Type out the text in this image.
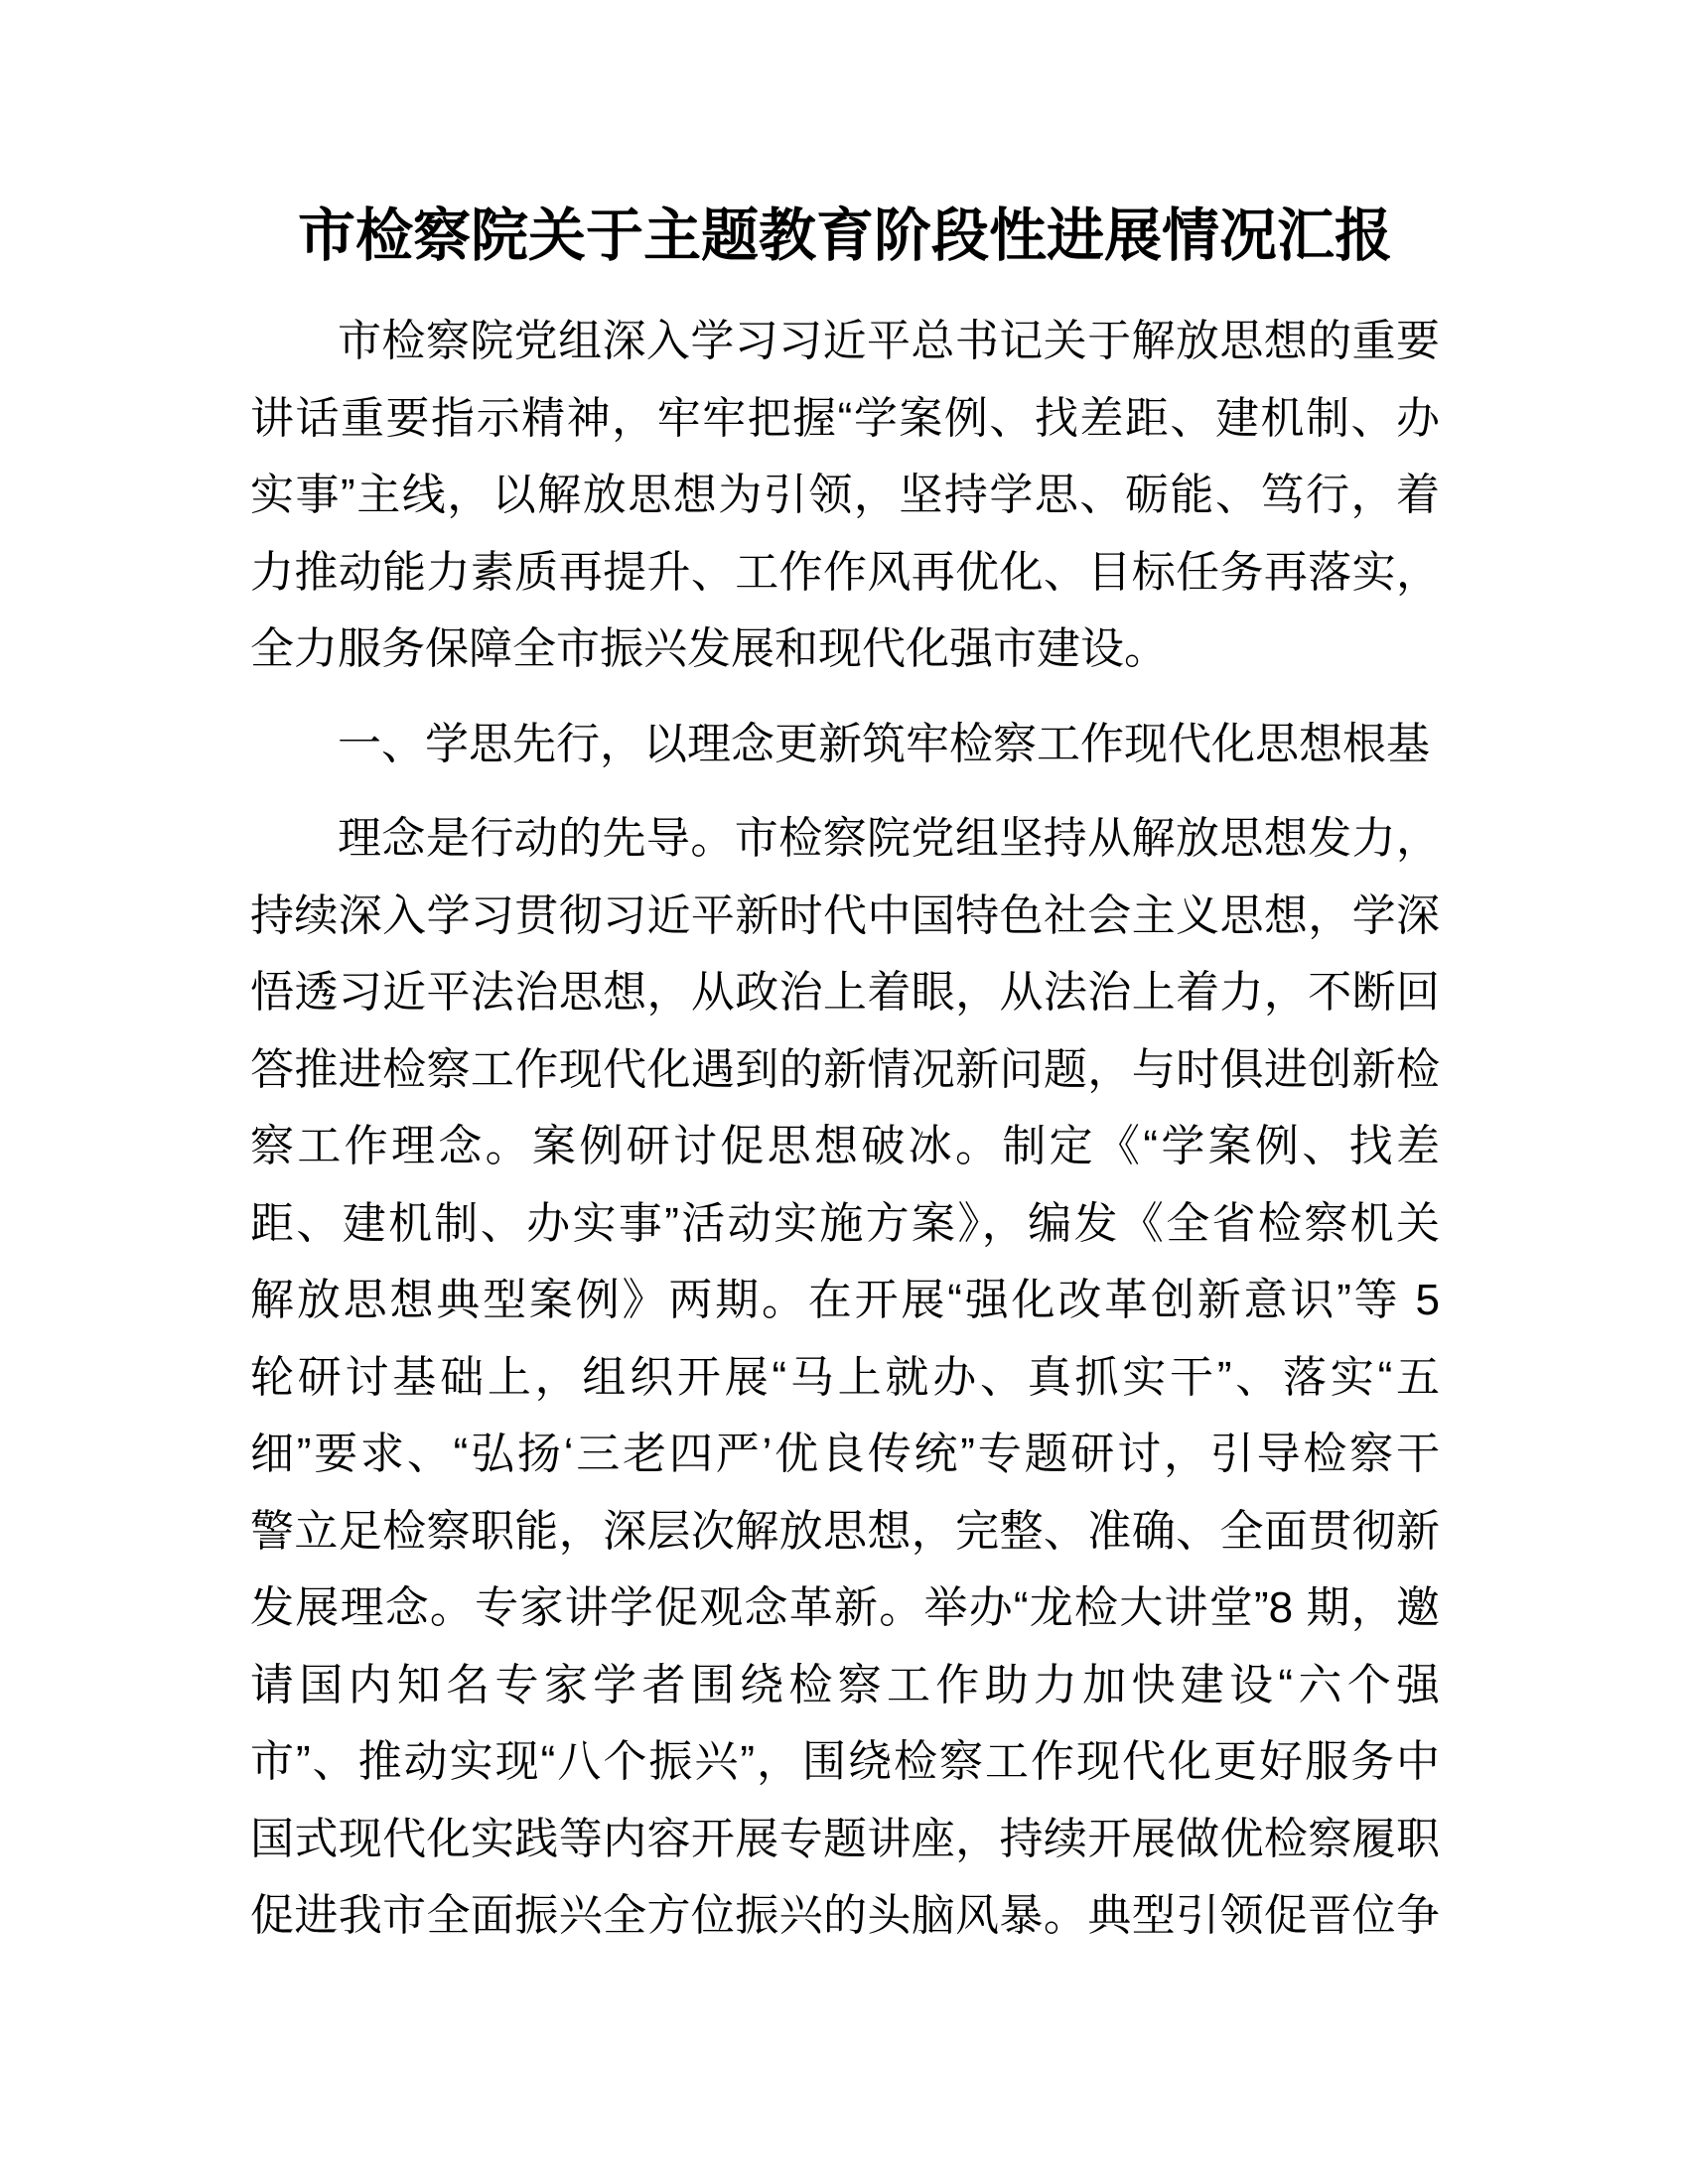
市检察院关于主题教育阶段性进展情况汇报
市检察院党组深入学习习近平总书记关于解放思想的重要
讲话重要指示精神，牢牢把握“学案例、找差距、建机制、办
实事”主线，以解放思想为引领，坚持学思、砺能、笃行，着
力推动能力素质再提升、工作作风再优化、目标任务再落实，
全力服务保障全市振兴发展和现代化强市建设。
一、学思先行，以理念更新筑牢检察工作现代化思想根基
理念是行动的先导。市检察院党组坚持从解放思想发力，
持续深入学习贯彻习近平新时代中国特色社会主义思想，学深
悟透习近平法治思想，从政治上着眼，从法治上着力，不断回
答推进检察工作现代化遇到的新情况新问题，与时俱进创新检
察工作理念。案例研讨促思想破冰。制定《“学案例、找差
距、建机制、办实事”活动实施方案》，编发《全省检察机关
解放思想典型案例》两期。在开展“强化改革创新意识”等 5
轮研讨基础上，组织开展“马上就办、真抓实干”、落实“五
细”要求、“弘扬‘三老四严’优良传统”专题研讨，引导检察干
警立足检察职能，深层次解放思想，完整、准确、全面贯彻新
发展理念。专家讲学促观念革新。举办“龙检大讲堂”8 期，邀
请国内知名专家学者围绕检察工作助力加快建设“六个强
市”、推动实现“八个振兴”，围绕检察工作现代化更好服务中
国式现代化实践等内容开展专题讲座，持续开展做优检察履职
促进我市全面振兴全方位振兴的头脑风暴。典型引领促晋位争
